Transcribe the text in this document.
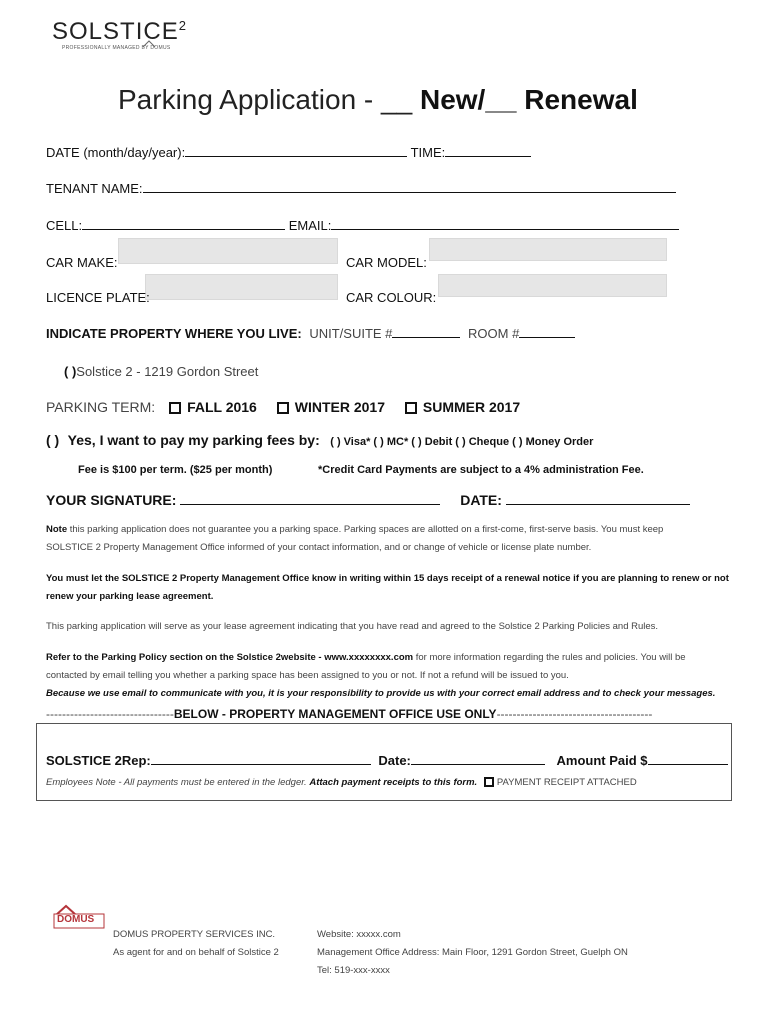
SOLSTICE$^2$
PROFESSIONALLY MANAGED BY DOMUS
Parking Application - __ New/__ Renewal
DATE (month/day/year):	TIME:
TENANT NAME:
CELL:	EMAIL:
CAR MAKE:	CAR MODEL:
LICENCE PLATE:	CAR COLOUR:
INDICATE PROPERTY WHERE YOU LIVE: UNIT/SUITE #	ROOM #
( )Solstice 2 - 1219 Gordon Street
PARKING TERM: FALL 2016	WINTER 2017	SUMMER 2017
( ) Yes, I want to pay my parking fees by: ( ) Visa* ( ) MC* ( ) Debit ( ) Cheque ( ) Money Order
Fee is $100 per term. ($25 per month)	*Credit Card Payments are subject to a 4% administration Fee.
YOUR SIGNATURE:	DATE:
Note this parking application does not guarantee you a parking space. Parking spaces are allotted on a first-come, first-serve basis. You must keep
SOLSTICE 2 Property Management Office informed of your contact information, and or change of vehicle or license plate number.
You must let the SOLSTICE 2 Property Management Office know in writing within 15 days receipt of a renewal notice if you are planning to renew or not
renew your parking lease agreement.
This parking application will serve as your lease agreement indicating that you have read and agreed to the Solstice 2 Parking Policies and Rules.
Refer to the Parking Policy section on the Solstice 2website - www.xxxxxxxx.com for more information regarding the rules and policies. You will be
contacted by email telling you whether a parking space has been assigned to you or not. If not a refund will be issued to you.
Because we use email to communicate with you, it is your responsibility to provide us with your correct email address and to check your messages.
--------------------------------BELOW - PROPERTY MANAGEMENT OFFICE USE ONLY---------------------------------------
SOLSTICE 2Rep:	Date:	Amount Paid $
Employees Note - All payments must be entered in the ledger. Attach payment receipts to this form. PAYMENT RECEIPT ATTACHED
DOMUS
DOMUS PROPERTY SERVICES INC.
As agent for and on behalf of Solstice 2
Website: xxxxx.com
Management Office Address: Main Floor, 1291 Gordon Street, Guelph ON
Tel: 519-xxx-xxxx
